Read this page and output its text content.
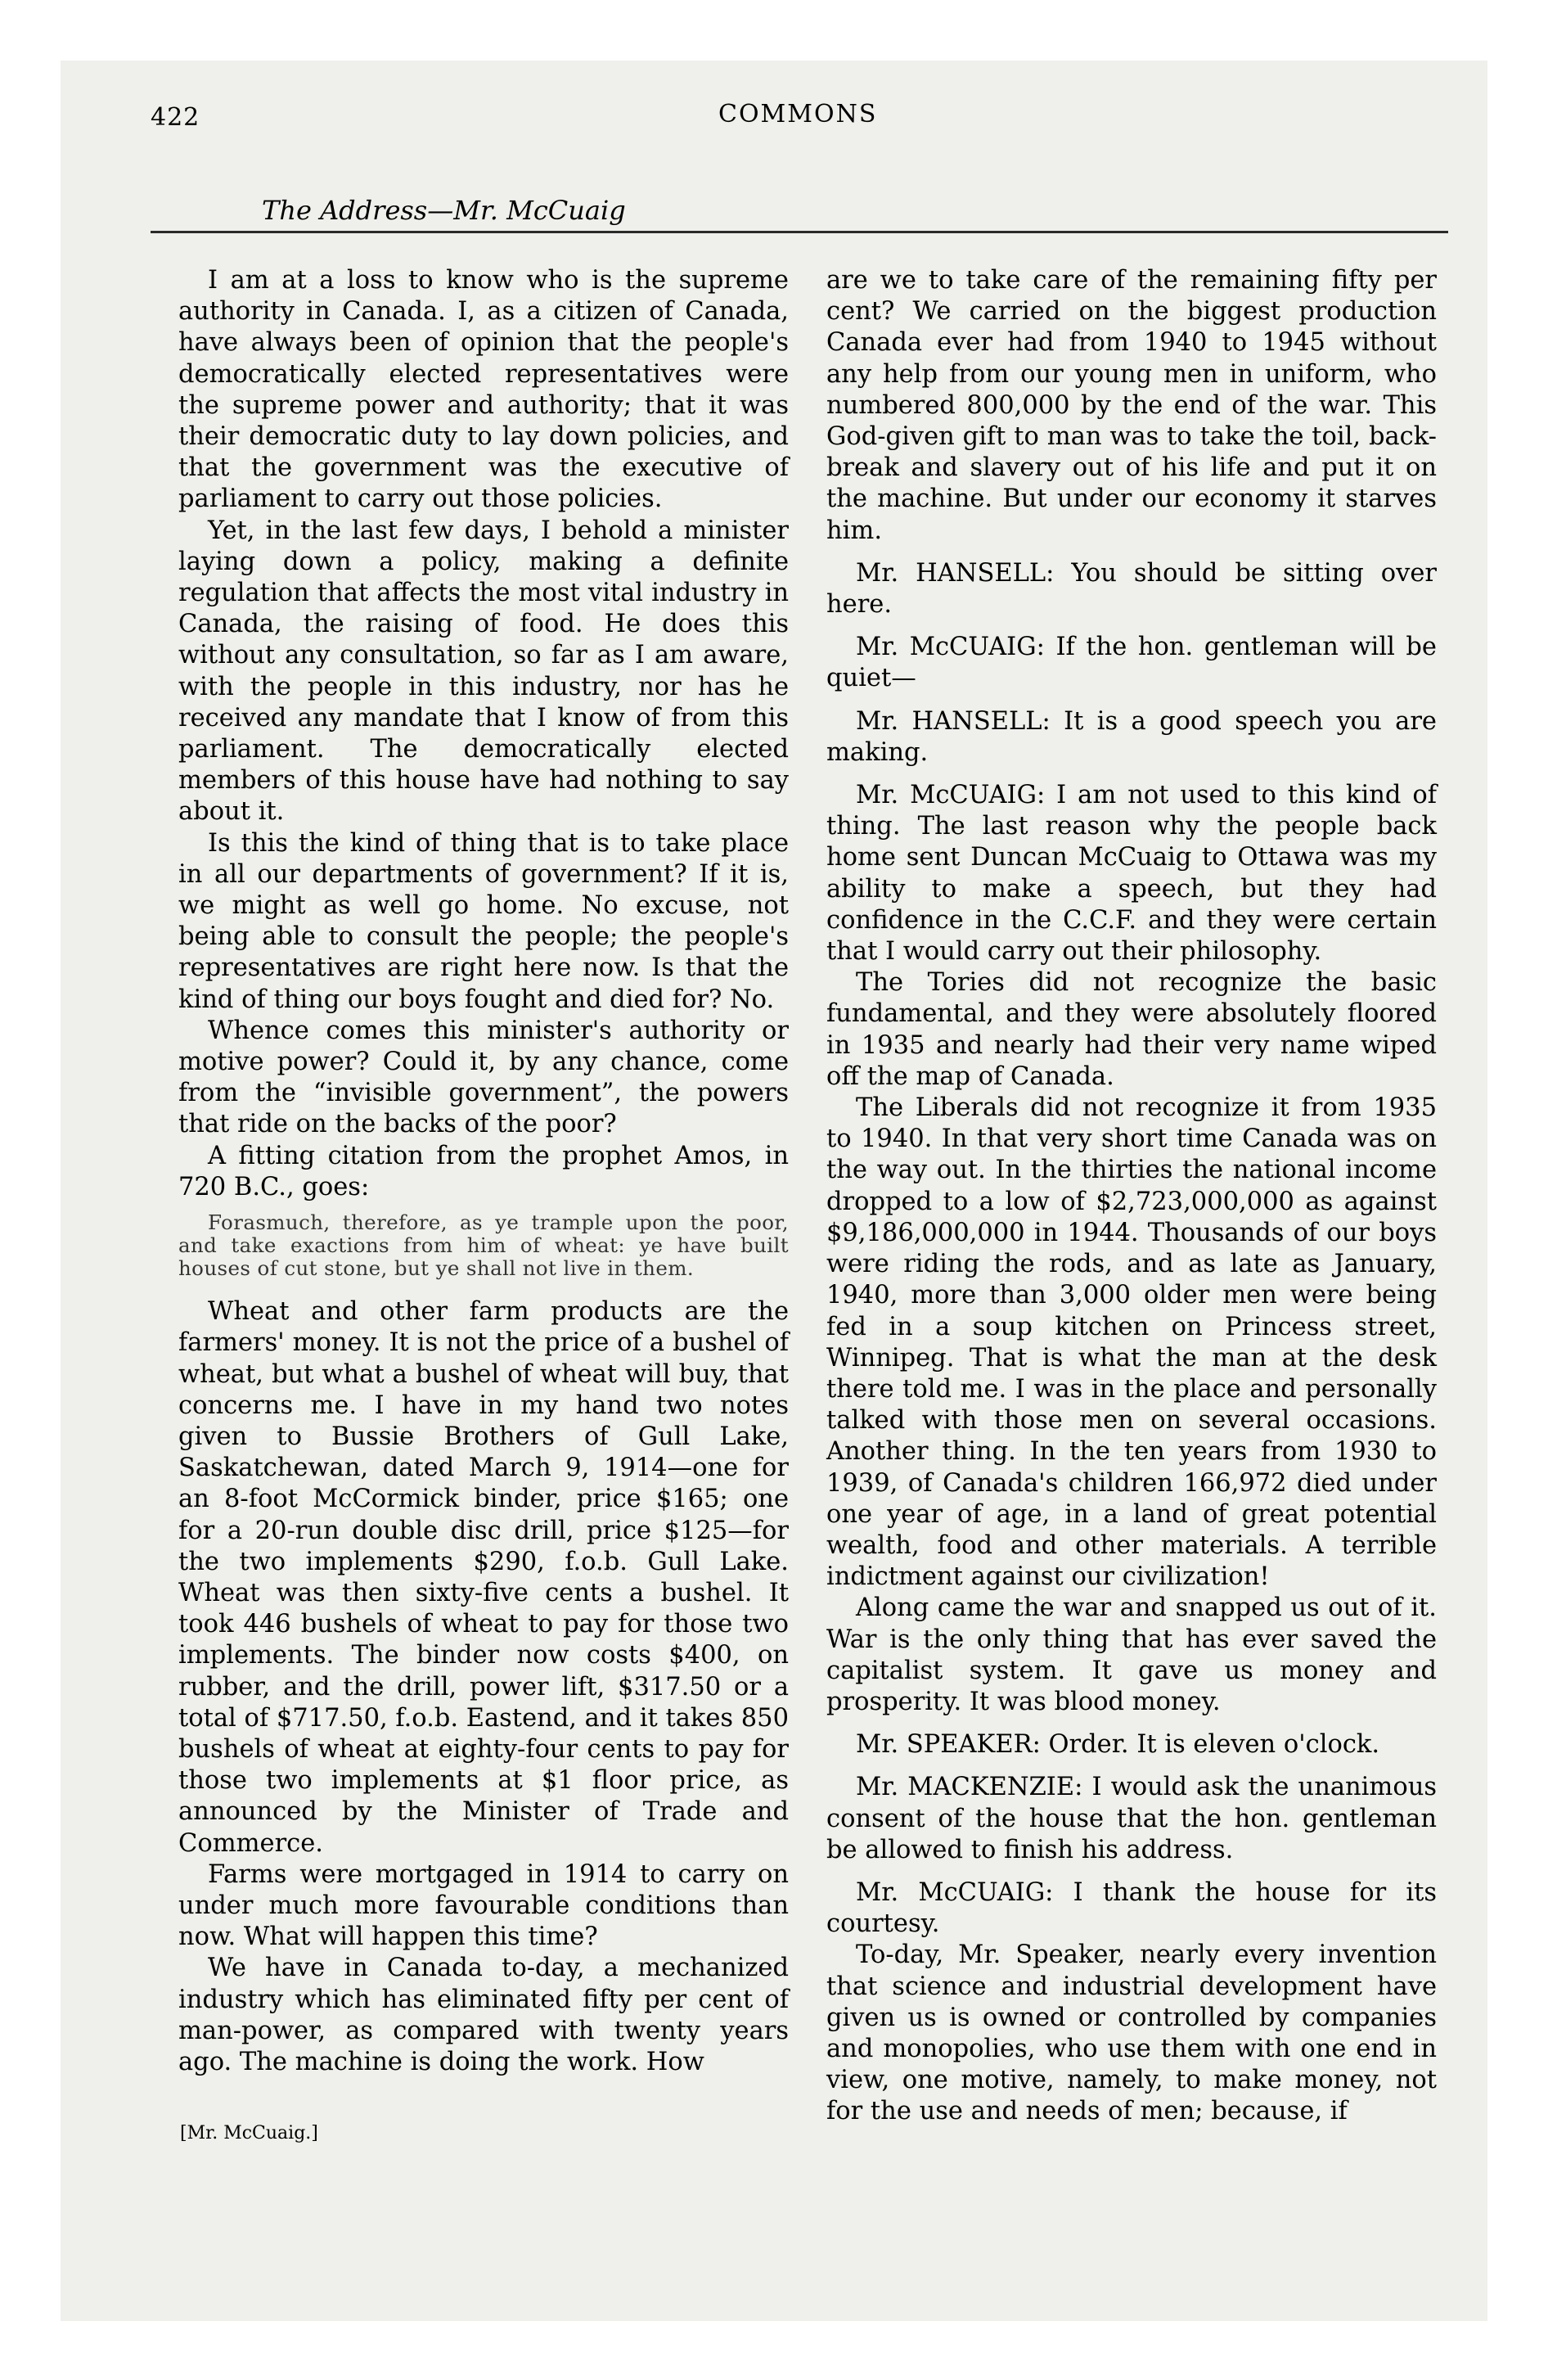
422
The Address—Mr. McCuaig
COMMONS

I am at a loss to know who is the supreme authority in Canada. I, as a citizen of Canada, have always been of opinion that the people's democratically elected representatives were the supreme power and authority; that it was their democratic duty to lay down policies, and that the government was the executive of parliament to carry out those policies.

Yet, in the last few days, I behold a minister laying down a policy, making a definite regulation that affects the most vital industry in Canada, the raising of food. He does this without any consultation, so far as I am aware, with the people in this industry, nor has he received any mandate that I know of from this parliament. The democratically elected members of this house have had nothing to say about it.

Is this the kind of thing that is to take place in all our departments of government? If it is, we might as well go home. No excuse, not being able to consult the people; the people's representatives are right here now. Is that the kind of thing our boys fought and died for? No.

Whence comes this minister's authority or motive power? Could it, by any chance, come from the “invisible government”, the powers that ride on the backs of the poor?

A fitting citation from the prophet Amos, in 720 B.C., goes:

Forasmuch, therefore, as ye trample upon the poor, and take exactions from him of wheat: ye have built houses of cut stone, but ye shall not live in them.

Wheat and other farm products are the farmers' money. It is not the price of a bushel of wheat, but what a bushel of wheat will buy, that concerns me. I have in my hand two notes given to Bussie Brothers of Gull Lake, Saskatchewan, dated March 9, 1914—one for an 8-foot McCormick binder, price $165; one for a 20-run double disc drill, price $125—for the two implements $290, f.o.b. Gull Lake. Wheat was then sixty-five cents a bushel. It took 446 bushels of wheat to pay for those two implements. The binder now costs $400, on rubber, and the drill, power lift, $317.50 or a total of $717.50, f.o.b. Eastend, and it takes 850 bushels of wheat at eighty-four cents to pay for those two implements at $1 floor price, as announced by the Minister of Trade and Commerce.

Farms were mortgaged in 1914 to carry on under much more favourable conditions than now. What will happen this time?

We have in Canada to-day, a mechanized industry which has eliminated fifty per cent of man-power, as compared with twenty years ago. The machine is doing the work. How

are we to take care of the remaining fifty per cent? We carried on the biggest production Canada ever had from 1940 to 1945 without any help from our young men in uniform, who numbered 800,000 by the end of the war. This God-given gift to man was to take the toil, back-break and slavery out of his life and put it on the machine. But under our economy it starves him.

Mr. HANSELL: You should be sitting over here.

Mr. McCUAIG: If the hon. gentleman will be quiet—

Mr. HANSELL: It is a good speech you are making.

Mr. McCUAIG: I am not used to this kind of thing. The last reason why the people back home sent Duncan McCuaig to Ottawa was my ability to make a speech, but they had confidence in the C.C.F. and they were certain that I would carry out their philosophy.

The Tories did not recognize the basic fundamental, and they were absolutely floored in 1935 and nearly had their very name wiped off the map of Canada.

The Liberals did not recognize it from 1935 to 1940. In that very short time Canada was on the way out. In the thirties the national income dropped to a low of $2,723,000,000 as against $9,186,000,000 in 1944. Thousands of our boys were riding the rods, and as late as January, 1940, more than 3,000 older men were being fed in a soup kitchen on Princess street, Winnipeg. That is what the man at the desk there told me. I was in the place and personally talked with those men on several occasions. Another thing. In the ten years from 1930 to 1939, of Canada's children 166,972 died under one year of age, in a land of great potential wealth, food and other materials. A terrible indictment against our civilization!

Along came the war and snapped us out of it. War is the only thing that has ever saved the capitalist system. It gave us money and prosperity. It was blood money.

Mr. SPEAKER: Order. It is eleven o'clock.

Mr. MACKENZIE: I would ask the unanimous consent of the house that the hon. gentleman be allowed to finish his address.

Mr. McCUAIG: I thank the house for its courtesy.

To-day, Mr. Speaker, nearly every invention that science and industrial development have given us is owned or controlled by companies and monopolies, who use them with one end in view, one motive, namely, to make money, not for the use and needs of men; because, if

[Mr. McCuaig.]
